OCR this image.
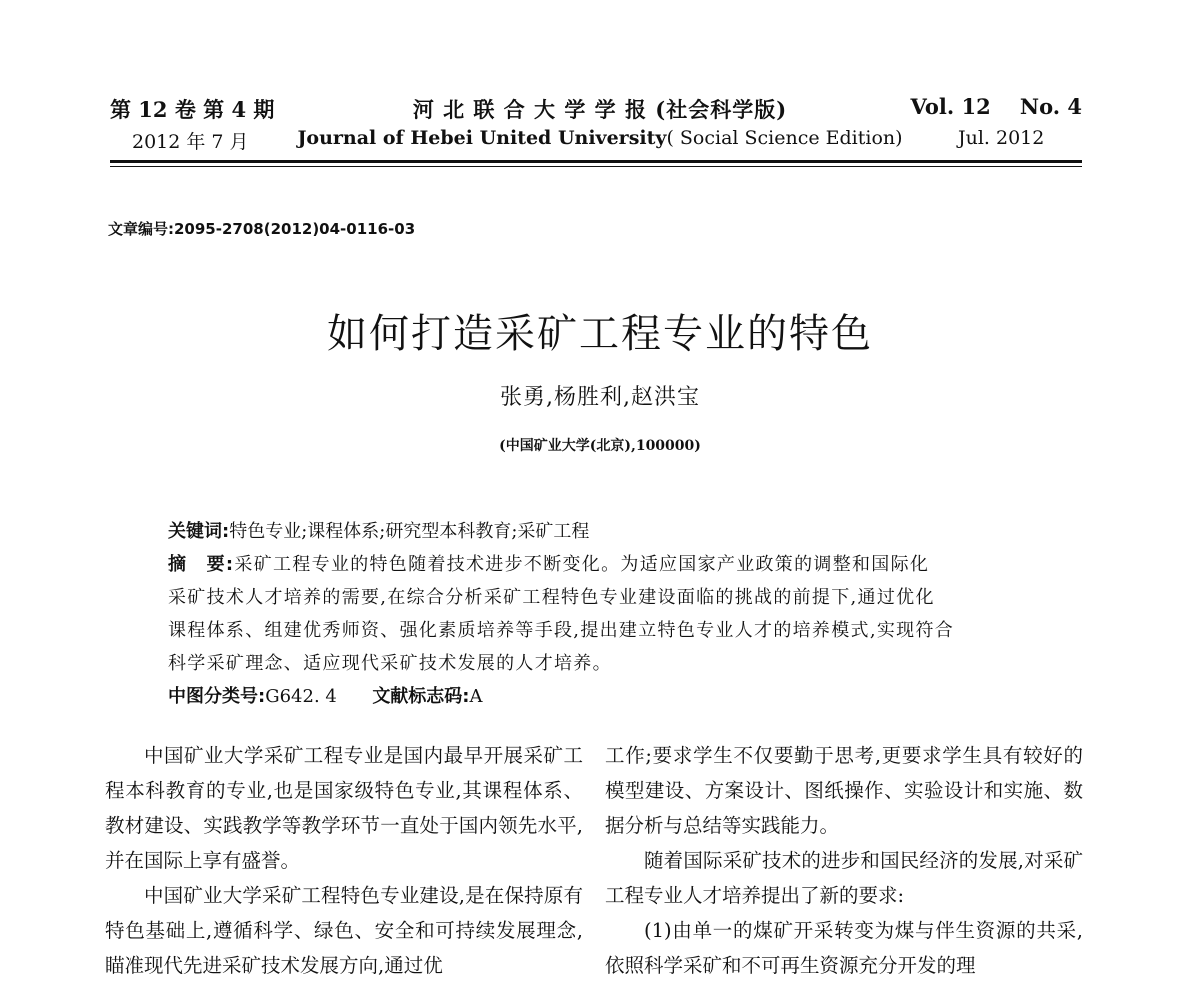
第 12 卷 第 4 期
2012 年 7 月
河 北 联 合 大 学 学 报 (社会科学版)
Journal of Hebei United University( Social Science Edition)
Vol. 12    No. 4
Jul. 2012
文章编号:2095-2708(2012)04-0116-03
如何打造采矿工程专业的特色
张勇,杨胜利,赵洪宝
(中国矿业大学(北京),100000)
关键词:特色专业;课程体系;研究型本科教育;采矿工程
摘　要:采矿工程专业的特色随着技术进步不断变化。为适应国家产业政策的调整和国际化
采矿技术人才培养的需要,在综合分析采矿工程特色专业建设面临的挑战的前提下,通过优化
课程体系、组建优秀师资、强化素质培养等手段,提出建立特色专业人才的培养模式,实现符合
科学采矿理念、适应现代采矿技术发展的人才培养。
中图分类号:G642. 4 文献标志码:A

中国矿业大学采矿工程专业是国内最早开展采矿工程本科教育的专业,也是国家级特色专业,其课程体系、教材建设、实践教学等教学环节一直处于国内领先水平,并在国际上享有盛誉。

中国矿业大学采矿工程特色专业建设,是在保持原有特色基础上,遵循科学、绿色、安全和可持续发展理念,瞄准现代先进采矿技术发展方向,通过优

工作;要求学生不仅要勤于思考,更要求学生具有较好的模型建设、方案设计、图纸操作、实验设计和实施、数据分析与总结等实践能力。

随着国际采矿技术的进步和国民经济的发展,对采矿工程专业人才培养提出了新的要求:

(1)由单一的煤矿开采转变为煤与伴生资源的共采,依照科学采矿和不可再生资源充分开发的理
